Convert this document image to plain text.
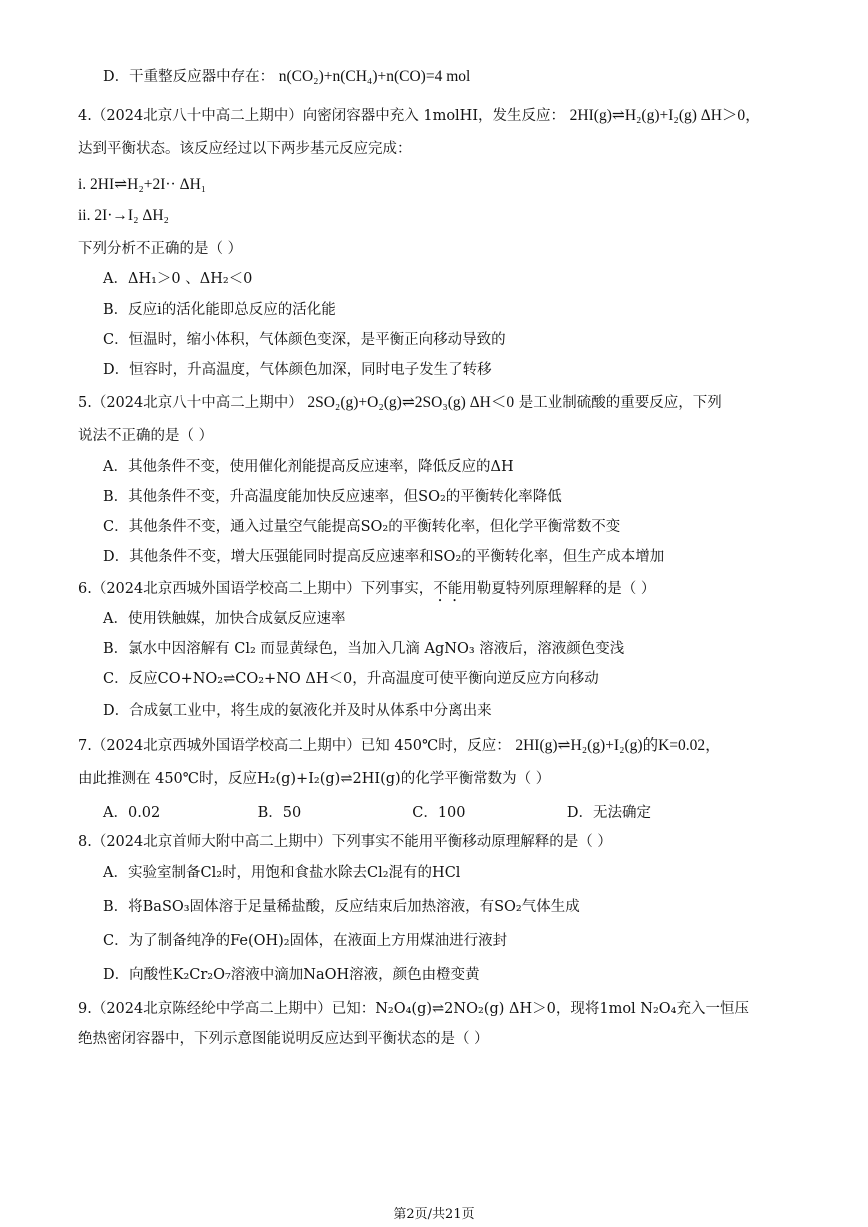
D．干重整反应器中存在： n(CO₂)+n(CH₄)+n(CO)=4 mol
4.（2024北京八十中高二上期中）向密闭容器中充入 1molHI，发生反应： 2HI(g)⇌H₂(g)+I₂(g) ΔH＞0，
达到平衡状态。该反应经过以下两步基元反应完成：
i. 2HI⇌H₂+2I·· ΔH₁
ii. 2I·→I₂ ΔH₂
下列分析不正确的是（ ）
A．ΔH₁＞0 、ΔH₂＜0
B．反应i的活化能即总反应的活化能
C．恒温时，缩小体积，气体颜色变深，是平衡正向移动导致的
D．恒容时，升高温度，气体颜色加深，同时电子发生了转移
5.（2024北京八十中高二上期中） 2SO₂(g)+O₂(g)⇌2SO₃(g) ΔH＜0 是工业制硫酸的重要反应，下列
说法不正确的是（ ）
A．其他条件不变，使用催化剂能提高反应速率，降低反应的ΔH
B．其他条件不变，升高温度能加快反应速率，但SO₂的平衡转化率降低
C．其他条件不变，通入过量空气能提高SO₂的平衡转化率，但化学平衡常数不变
D．其他条件不变，增大压强能同时提高反应速率和SO₂的平衡转化率，但生产成本增加
6.（2024北京西城外国语学校高二上期中）下列事实，不能用勒夏特列原理解释的是（ ）
A．使用铁触媒，加快合成氨反应速率
B．氯水中因溶解有 Cl₂ 而显黄绿色，当加入几滴 AgNO₃ 溶液后，溶液颜色变浅
C．反应CO+NO₂⇌CO₂+NO ΔH＜0，升高温度可使平衡向逆反应方向移动
D．合成氨工业中，将生成的氨液化并及时从体系中分离出来
7.（2024北京西城外国语学校高二上期中）已知 450℃时，反应： 2HI(g)⇌H₂(g)+I₂(g)的K=0.02，
由此推测在 450℃时，反应H₂(g)+I₂(g)⇌2HI(g)的化学平衡常数为（ ）
A．0.02	B．50	C．100	D．无法确定
8.（2024北京首师大附中高二上期中）下列事实不能用平衡移动原理解释的是（ ）
A．实验室制备Cl₂时，用饱和食盐水除去Cl₂混有的HCl
B．将BaSO₃固体溶于足量稀盐酸，反应结束后加热溶液，有SO₂气体生成
C．为了制备纯净的Fe(OH)₂固体，在液面上方用煤油进行液封
D．向酸性K₂Cr₂O₇溶液中滴加NaOH溶液，颜色由橙变黄
9.（2024北京陈经纶中学高二上期中）已知：N₂O₄(g)⇌2NO₂(g) ΔH＞0，现将1mol N₂O₄充入一恒压
绝热密闭容器中，下列示意图能说明反应达到平衡状态的是（ ）
第2页/共21页
